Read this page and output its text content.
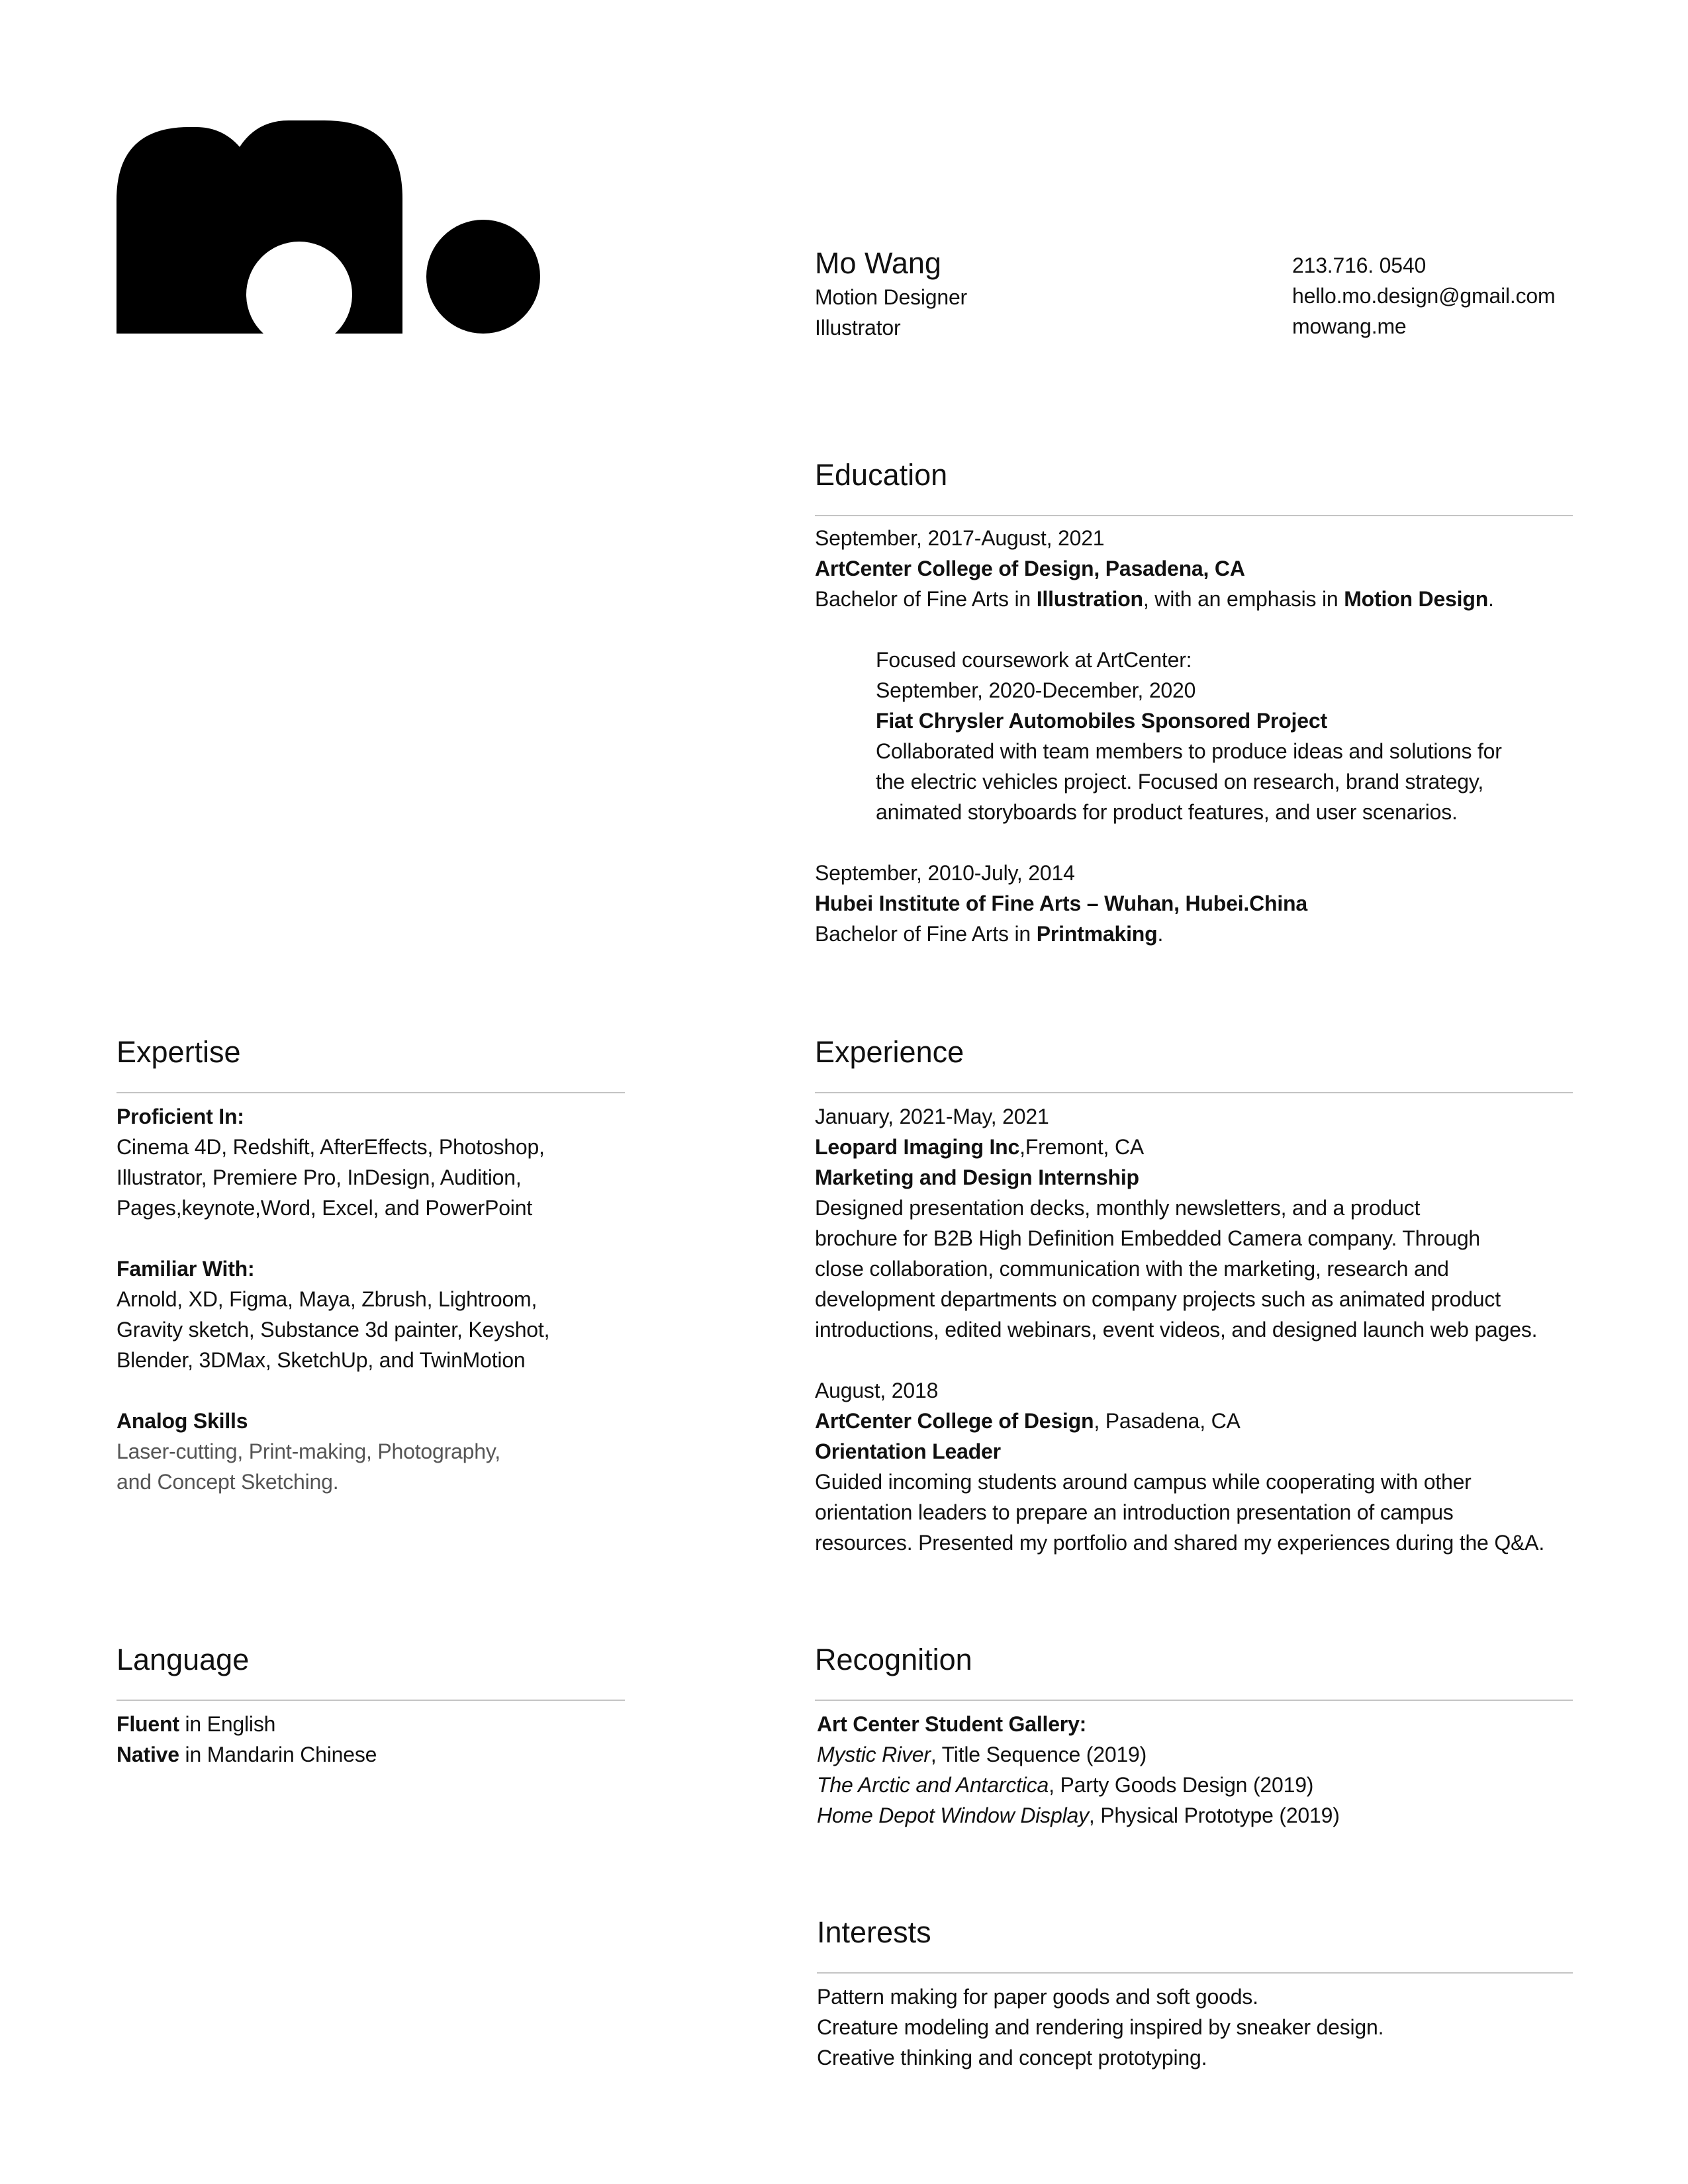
Mo Wang
Motion Designer
Illustrator
213.716. 0540
hello.mo.design@gmail.com
mowang.me
Education
September, 2017-August, 2021
ArtCenter College of Design, Pasadena, CA
Bachelor of Fine Arts in Illustration, with an emphasis in Motion Design.
Focused coursework at ArtCenter:
September, 2020-December, 2020
Fiat Chrysler Automobiles Sponsored Project
Collaborated with team members to produce ideas and solutions for
the electric vehicles project. Focused on research, brand strategy,
animated storyboards for product features, and user scenarios.
September, 2010-July, 2014
Hubei Institute of Fine Arts – Wuhan, Hubei.China
Bachelor of Fine Arts in Printmaking.
Expertise
Proficient In:
Cinema 4D, Redshift, AfterEffects, Photoshop,
Illustrator, Premiere Pro, InDesign, Audition,
Pages,keynote,Word, Excel, and PowerPoint
Familiar With:
Arnold, XD, Figma, Maya, Zbrush, Lightroom,
Gravity sketch, Substance 3d painter, Keyshot,
Blender, 3DMax, SketchUp, and TwinMotion
Analog Skills
Laser-cutting, Print-making, Photography,
and Concept Sketching.
Experience
January, 2021-May, 2021
Leopard Imaging Inc,Fremont, CA
Marketing and Design Internship
Designed presentation decks, monthly newsletters, and a product
brochure for B2B High Definition Embedded Camera company. Through
close collaboration, communication with the marketing, research and
development departments on company projects such as animated product
introductions, edited webinars, event videos, and designed launch web pages.
August, 2018
ArtCenter College of Design, Pasadena, CA
Orientation Leader
Guided incoming students around campus while cooperating with other
orientation leaders to prepare an introduction presentation of campus
resources. Presented my portfolio and shared my experiences during the Q&A.
Language
Fluent in English
Native in Mandarin Chinese
Recognition
Art Center Student Gallery:
Mystic River, Title Sequence (2019)
The Arctic and Antarctica, Party Goods Design (2019)
Home Depot Window Display, Physical Prototype (2019)
Interests
Pattern making for paper goods and soft goods.
Creature modeling and rendering inspired by sneaker design.
Creative thinking and concept prototyping.
